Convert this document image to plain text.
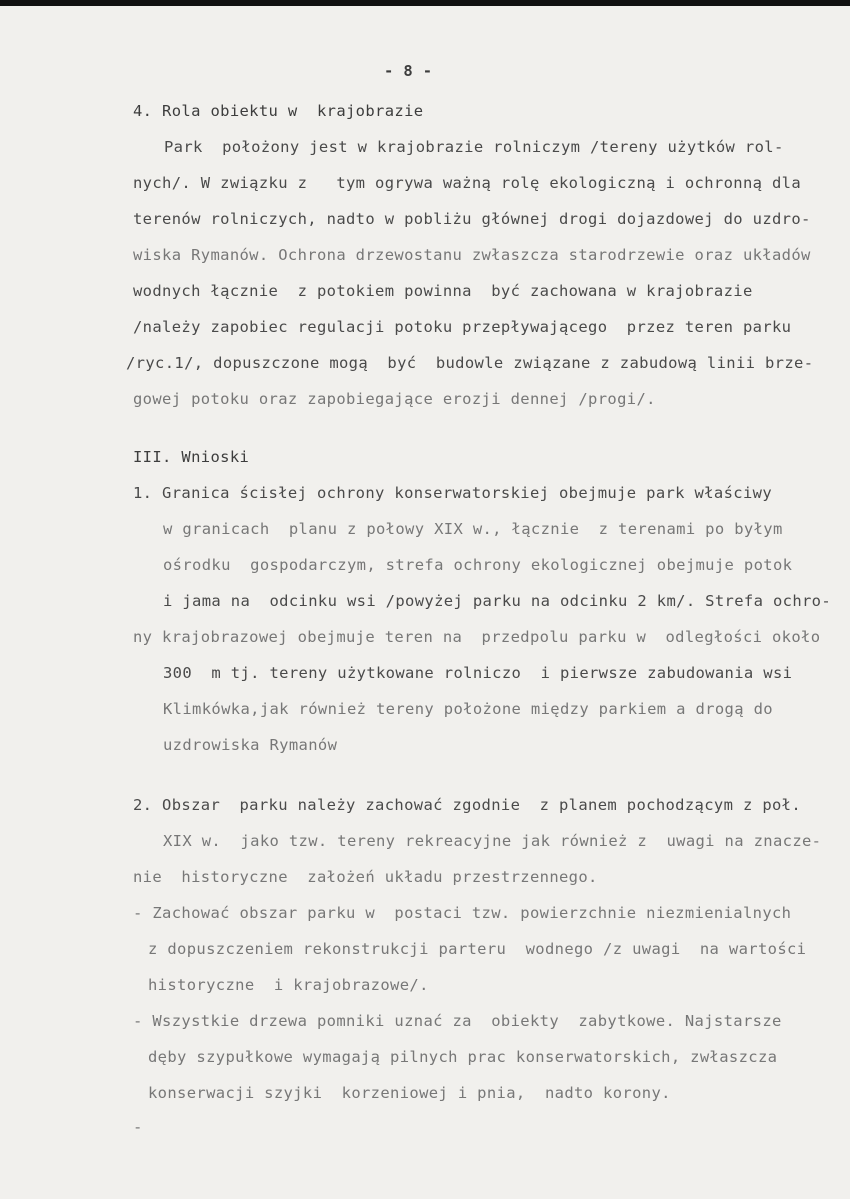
- 8 -
4. Rola obiektu w  krajobrazie
Park  położony jest w krajobrazie rolniczym /tereny użytków rol-
nych/. W związku z   tym ogrywa ważną rolę ekologiczną i ochronną dla
terenów rolniczych, nadto w pobliżu głównej drogi dojazdowej do uzdro-
wiska Rymanów. Ochrona drzewostanu zwłaszcza starodrzewie oraz układów
wodnych łącznie  z potokiem powinna  być zachowana w krajobrazie
/należy zapobiec regulacji potoku przepływającego  przez teren parku
/ryc.1/, dopuszczone mogą  być  budowle związane z zabudową linii brze-
gowej potoku oraz zapobiegające erozji dennej /progi/.
III. Wnioski
1. Granica ścisłej ochrony konserwatorskiej obejmuje park właściwy
w granicach  planu z połowy XIX w., łącznie  z terenami po byłym
ośrodku  gospodarczym, strefa ochrony ekologicznej obejmuje potok
i jama na  odcinku wsi /powyżej parku na odcinku 2 km/. Strefa ochro-
ny krajobrazowej obejmuje teren na  przedpolu parku w  odległości około
300  m tj. tereny użytkowane rolniczo  i pierwsze zabudowania wsi
Klimkówka,jak również tereny położone między parkiem a drogą do
uzdrowiska Rymanów
2. Obszar  parku należy zachować zgodnie  z planem pochodzącym z poł.
XIX w.  jako tzw. tereny rekreacyjne jak również z  uwagi na znacze-
nie  historyczne  założeń układu przestrzennego.
- Zachować obszar parku w  postaci tzw. powierzchnie niezmienialnych
z dopuszczeniem rekonstrukcji parteru  wodnego /z uwagi  na wartości
historyczne  i krajobrazowe/.
- Wszystkie drzewa pomniki uznać za  obiekty  zabytkowe. Najstarsze
dęby szypułkowe wymagają pilnych prac konserwatorskich, zwłaszcza
konserwacji szyjki  korzeniowej i pnia,  nadto korony.
-
